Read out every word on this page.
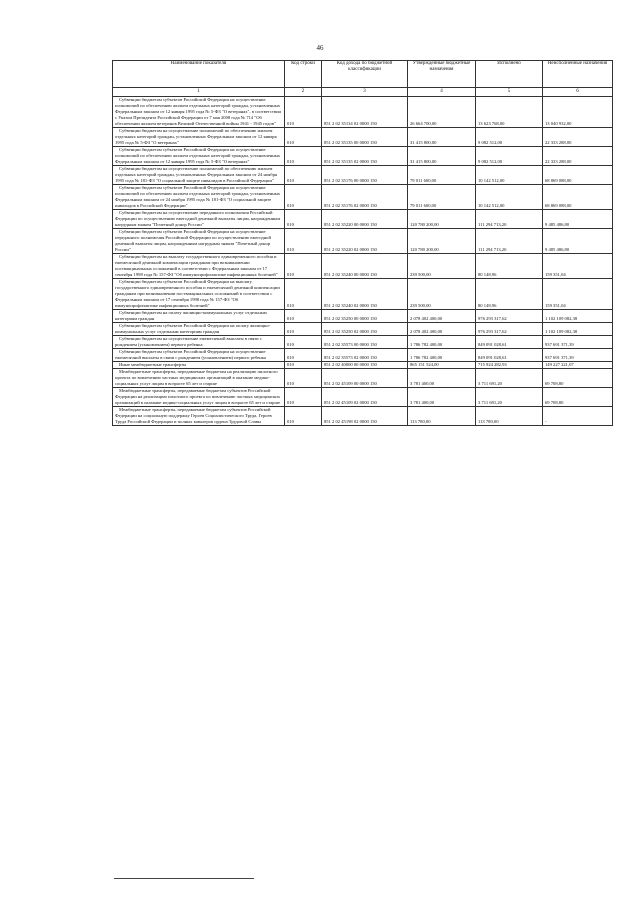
46
Наименование показателя	Код строки	Код дохода по бюджетной классификации	Утвержденные бюджетные назначения	Исполнено	Неисполненные назначения
1	2	3	4	5	6
Субвенции бюджетам субъектов Российской Федерации на осуществление полномочий по обеспечению жильем отдельных категорий граждан, установленных Федеральным законом от 12 января 1995 года № 5-ФЗ "О ветеранах", в соответствии с Указом Президента Российской Федерации от 7 мая 2008 года № 714 "Об обеспечении жильем ветеранов Великой Отечественной войны 1941 - 1945 годов"	010	851 2 02 35134 02 0000 150	26 664 700,00	13 623 768,00	13 040 932,00
Субвенции бюджетам на осуществление полномочий по обеспечению жильем отдельных категорий граждан, установленных Федеральным законом от 12 января 1995 года № 5-ФЗ "О ветеранах"	010	851 2 02 35135 00 0000 150	31 415 800,00	9 082 512,00	22 333 288,00
Субвенции бюджетам субъектов Российской Федерации на осуществление полномочий по обеспечению жильем отдельных категорий граждан, установленных Федеральным законом от 12 января 1995 года № 5-ФЗ "О ветеранах"	010	851 2 02 35135 02 0000 150	31 415 800,00	9 082 512,00	22 333 288,00
Субвенции бюджетам на осуществление полномочий по обеспечению жильем отдельных категорий граждан, установленных Федеральным законом от 24 ноября 1995 года № 181-ФЗ "О социальной защите инвалидов в Российской Федерации"	010	851 2 02 35176 00 0000 150	79 011 600,00	10 142 512,00	68 869 088,00
Субвенции бюджетам субъектов Российской Федерации на осуществление полномочий по обеспечению жильем отдельных категорий граждан, установленных Федеральным законом от 24 ноября 1995 года № 181-ФЗ "О социальной защите инвалидов в Российской Федерации"	010	851 2 02 35176 02 0000 150	79 011 600,00	10 142 512,00	68 869 088,00
Субвенции бюджетам на осуществление переданного полномочия Российской Федерации по осуществлению ежегодной денежной выплаты лицам, награжденным нагрудным знаком "Почетный донор России"	010	851 2 02 35220 00 0000 150	120 780 200,00	111 294 713,20	9 485 486,80
Субвенции бюджетам субъектов Российской Федерации на осуществление переданного полномочия Российской Федерации по осуществлению ежегодной денежной выплаты лицам, награжденным нагрудным знаком "Почетный донор России"	010	851 2 02 35220 02 0000 150	120 780 200,00	111 294 713,20	9 485 486,80
Субвенции бюджетам на выплату государственного единовременного пособия и ежемесячной денежной компенсации гражданам при возникновении поствакцинальных осложнений в соответствии с Федеральным законом от 17 сентября 1998 года № 157-ФЗ "Об иммунопрофилактике инфекционных болезней"	010	851 2 02 35240 00 0000 150	239 500,00	80 148,96	159 351,04
Субвенции бюджетам субъектов Российской Федерации на выплату государственного единовременного пособия и ежемесячной денежной компенсации гражданам при возникновении поствакцинальных осложнений в соответствии с Федеральным законом от 17 сентября 1998 года № 157-ФЗ "Об иммунопрофилактике инфекционных болезней"	010	851 2 02 35240 02 0000 150	239 500,00	80 148,96	159 351,04
Субвенции бюджетам на оплату жилищно-коммунальных услуг отдельным категориям граждан	010	851 2 02 35250 00 0000 150	2 078 402 400,00	976 293 317,62	1 102 109 082,38
Субвенции бюджетам субъектов Российской Федерации на оплату жилищно-коммунальных услуг отдельным категориям граждан	010	851 2 02 35250 02 0000 150	2 078 402 400,00	976 293 317,62	1 102 109 082,38
Субвенции бюджетам на осуществление ежемесячной выплаты в связи с рождением (усыновлением) первого ребенка	010	851 2 02 35573 00 0000 150	1 786 782 400,00	849 091 028,61	937 691 371,39
Субвенции бюджетам субъектов Российской Федерации на осуществление ежемесячной выплаты в связи с рождением (усыновлением) первого ребенка	010	851 2 02 35573 02 0000 150	1 786 782 400,00	849 091 028,61	937 691 371,39
Иные межбюджетные трансферты	010	851 2 02 40000 00 0000 150	865 151 524,00	715 924 282,93	149 227 221,07
Межбюджетные трансферты, передаваемые бюджетам на реализацию пилотного проекта по вовлечению частных медицинских организаций в оказание медико-социальных услуг лицам в возрасте 65 лет и старше	010	851 2 02 45109 00 0000 150	3 781 400,00	3 711 691,20	69 708,80
Межбюджетные трансферты, передаваемые бюджетам субъектов Российской Федерации на реализацию пилотного проекта по вовлечению частных медицинских организаций в оказание медико-социальных услуг лицам в возрасте 65 лет и старше	010	851 2 02 45109 02 0000 150	3 781 400,00	3 711 691,20	69 708,80
Межбюджетные трансферты, передаваемые бюджетам субъектов Российской Федерации на социальную поддержку Героев Социалистического Труда, Героев Труда Российской Федерации и полных кавалеров ордена Трудовой Славы	010	851 2 02 45198 02 0000 150	113 780,00	113 780,00	-
